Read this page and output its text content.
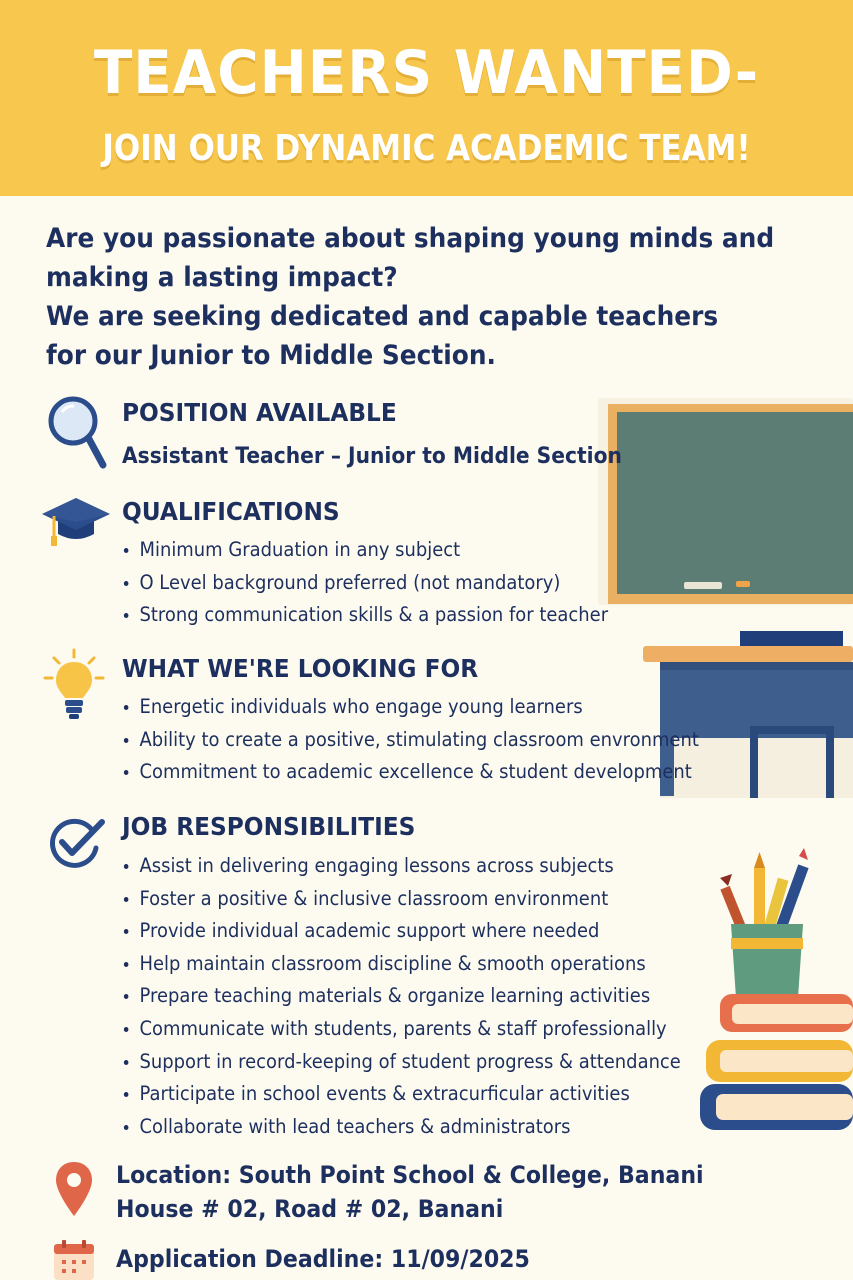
TEACHERS WANTED-
JOIN OUR DYNAMIC ACADEMIC TEAM!

Are you passionate about shaping young minds and

making a lasting impact?

We are seeking dedicated and capable teachers

for our Junior to Middle Section.

POSITION AVAILABLE
Assistant Teacher – Junior to Middle Section
QUALIFICATIONS
Minimum Graduation in any subject
O Level background preferred (not mandatory)
Strong communication skills & a passion for teacher
WHAT WE'RE LOOKING FOR
Energetic individuals who engage young learners
Ability to create a positive, stimulating classroom envronment
Commitment to academic excellence & student development
JOB RESPONSIBILITIES
Assist in delivering engaging lessons across subjects
Foster a positive & inclusive classroom environment
Provide individual academic support where needed
Help maintain classroom discipline & smooth operations
Prepare teaching materials & organize learning activities
Communicate with students, parents & staff professionally
Support in record-keeping of student progress & attendance
Participate in school events & extracurficular activities
Collaborate with lead teachers & administrators
Location: South Point School & College, Banani
House # 02, Road # 02, Banani
Application Deadline: 11/09/2025
